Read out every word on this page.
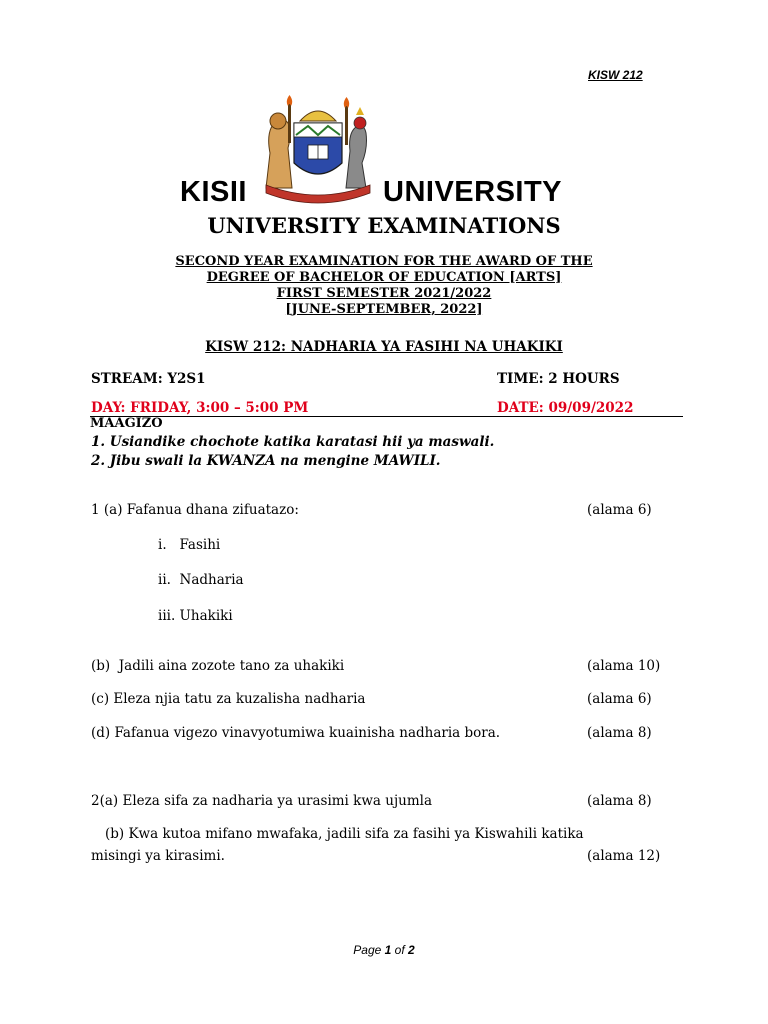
KISW 212
KISII	UNIVERSITY
UNIVERSITY EXAMINATIONS
SECOND YEAR EXAMINATION FOR THE AWARD OF THE
DEGREE OF BACHELOR OF EDUCATION [ARTS]
FIRST SEMESTER 2021/2022
[JUNE-SEPTEMBER, 2022]
KISW 212: NADHARIA YA FASIHI NA UHAKIKI
STREAM: Y2S1	TIME: 2 HOURS
DAY: FRIDAY, 3:00 – 5:00 PM	DATE: 09/09/2022
MAAGIZO
1. Usiandike chochote katika karatasi hii ya maswali.
2. Jibu swali la KWANZA na mengine MAWILI.
1 (a) Fafanua dhana zifuatazo:	(alama 6)
i.   Fasihi
ii.  Nadharia
iii. Uhakiki
(b)  Jadili aina zozote tano za uhakiki	(alama 10)
(c) Eleza njia tatu za kuzalisha nadharia	(alama 6)
(d) Fafanua vigezo vinavyotumiwa kuainisha nadharia bora.	(alama 8)
2(a) Eleza sifa za nadharia ya urasimi kwa ujumla	(alama 8)
(b) Kwa kutoa mifano mwafaka, jadili sifa za fasihi ya Kiswahili katika
misingi ya kirasimi.	(alama 12)
Page 1 of 2
